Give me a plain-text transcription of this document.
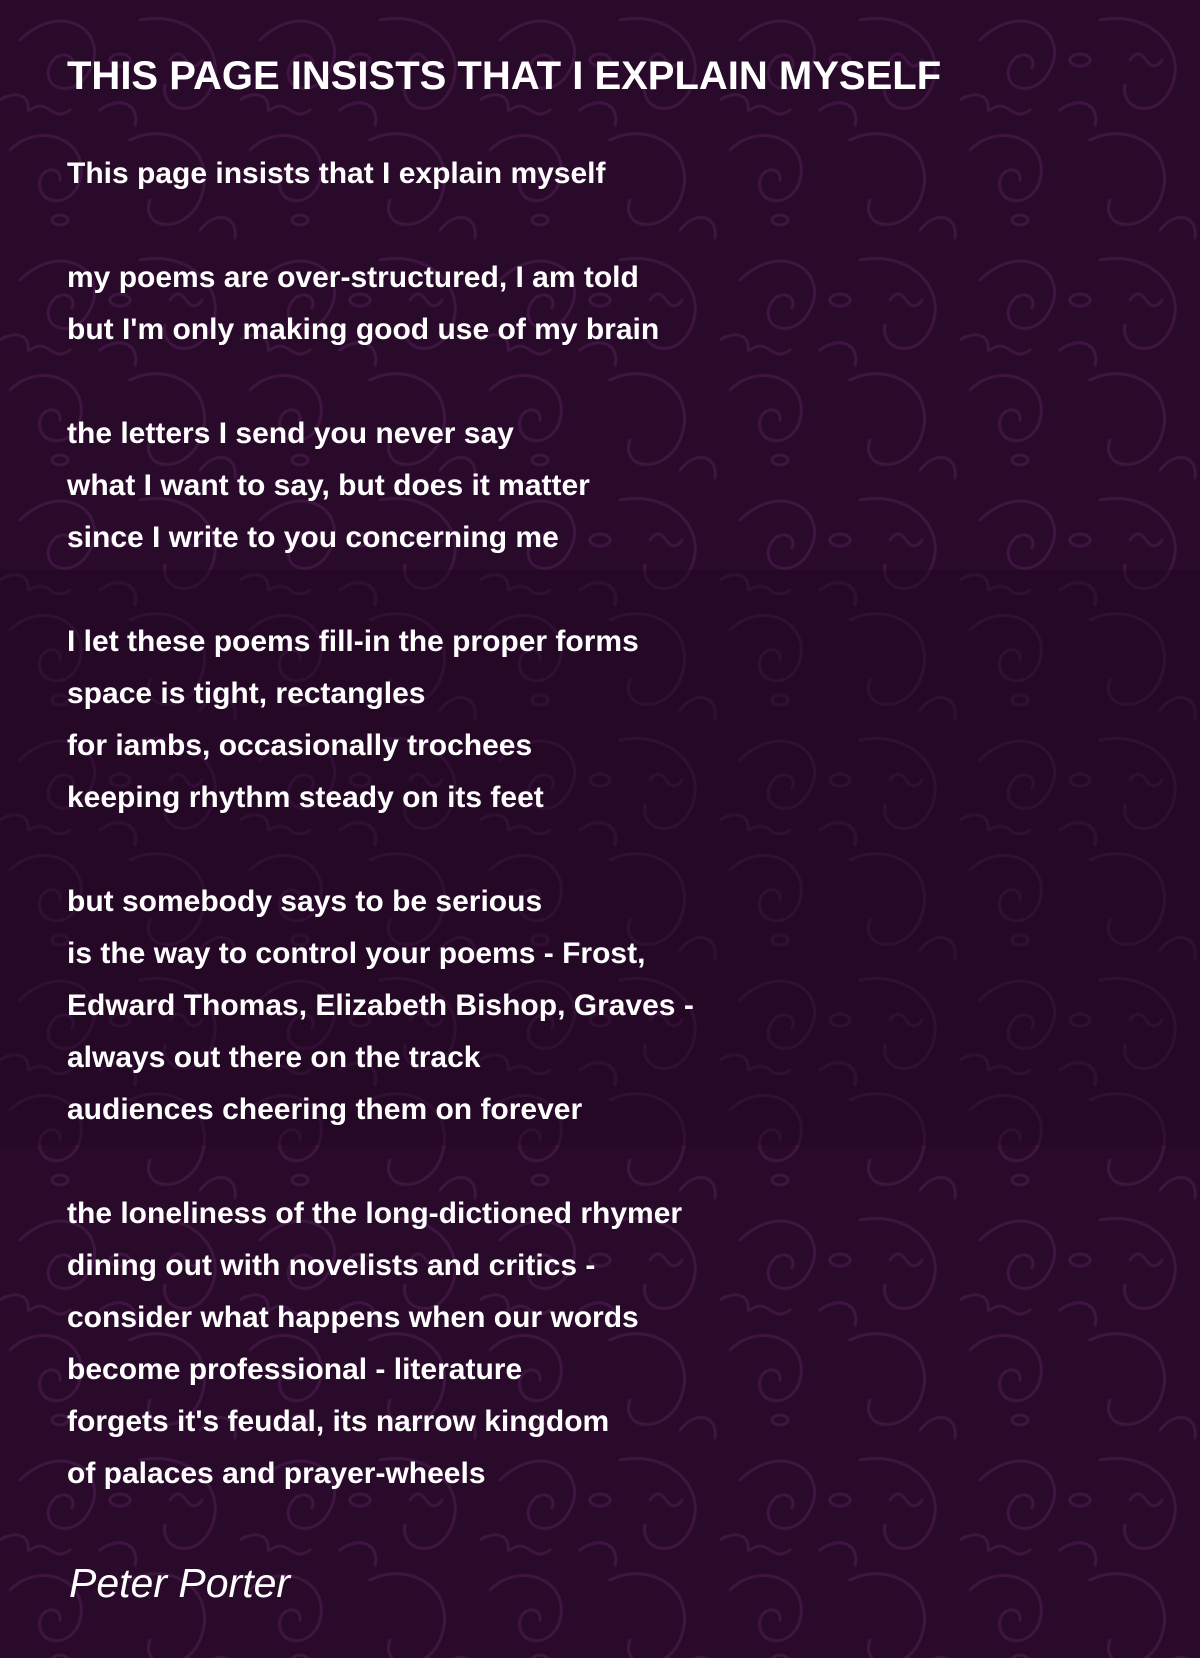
THIS PAGE INSISTS THAT I EXPLAIN MYSELF
This page insists that I explain myself
my poems are over-structured, I am told
but I'm only making good use of my brain
the letters I send you never say
what I want to say, but does it matter
since I write to you concerning me
I let these poems fill-in the proper forms
space is tight, rectangles
for iambs, occasionally trochees
keeping rhythm steady on its feet
but somebody says to be serious
is the way to control your poems - Frost,
Edward Thomas, Elizabeth Bishop, Graves -
always out there on the track
audiences cheering them on forever
the loneliness of the long-dictioned rhymer
dining out with novelists and critics -
consider what happens when our words
become professional - literature
forgets it's feudal, its narrow kingdom
of palaces and prayer-wheels
Peter Porter
